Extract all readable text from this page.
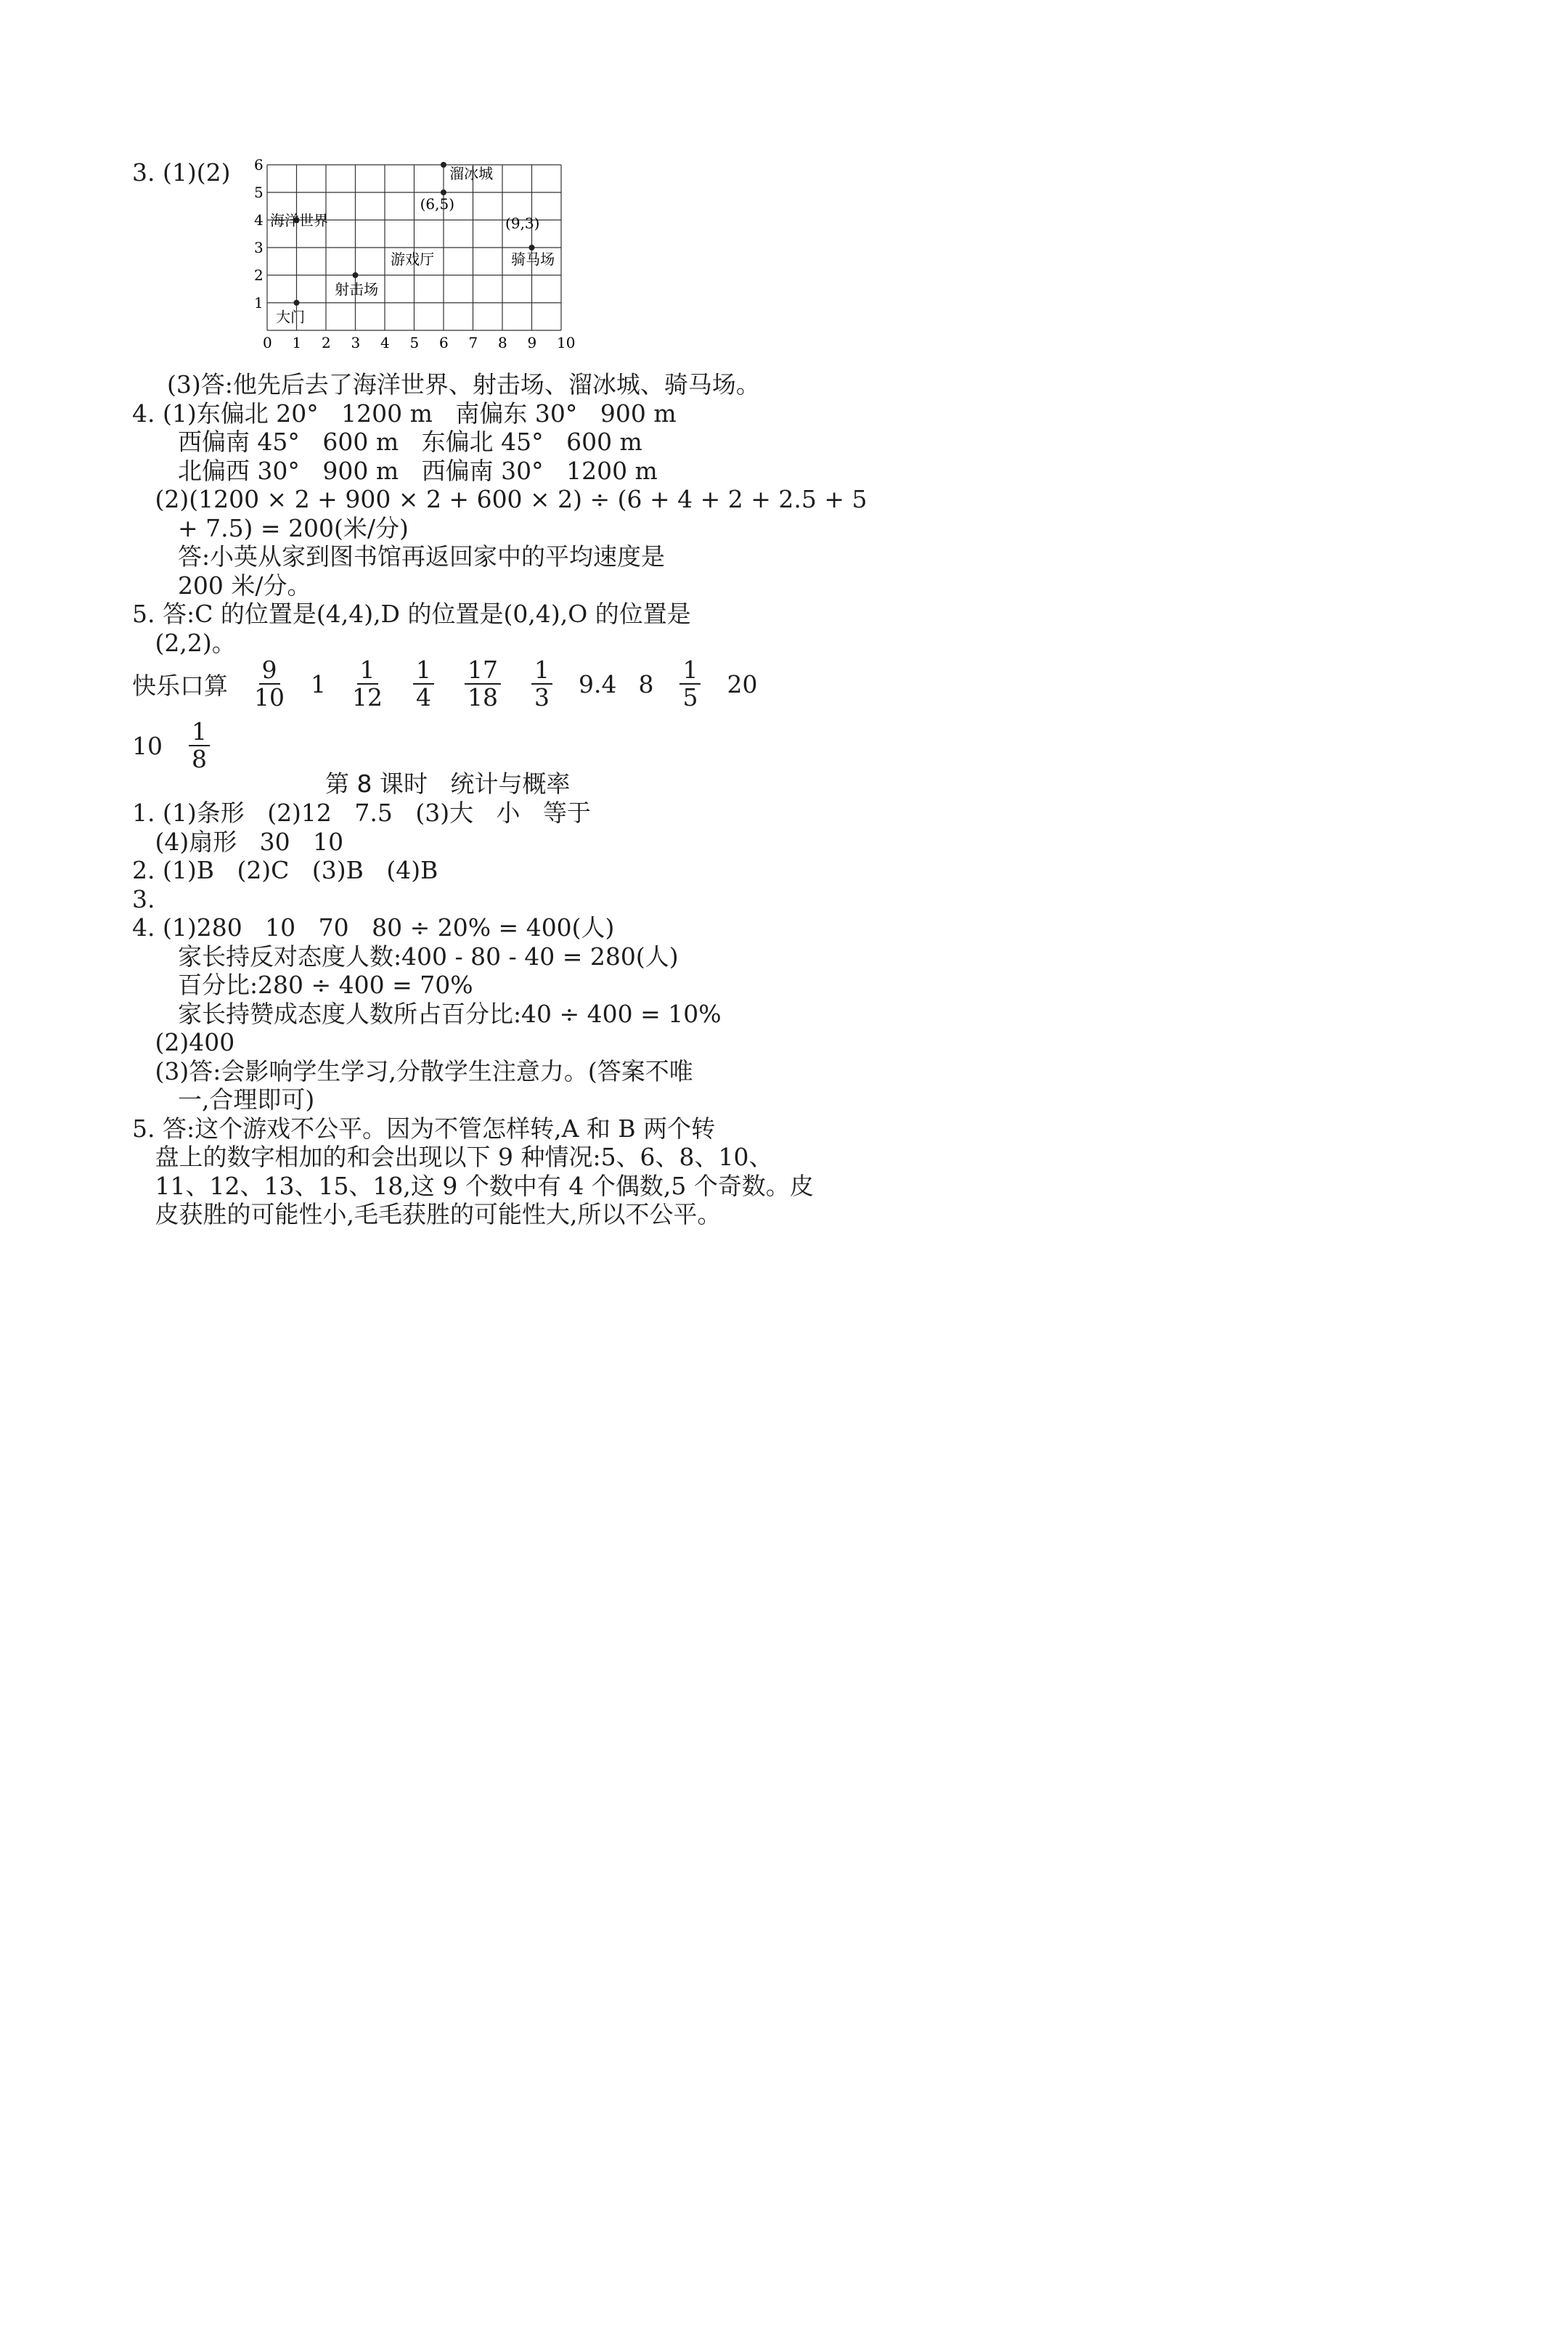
3. (1)(2) 6
5
4
3
2
1
0 1 2 3 4 5 6 7 8 9 10
溜冰城
(6,5)
海洋世界	(9,3)
游戏厅	骑马场
射击场
大门
(3)答:他先后去了海洋世界、射击场、溜冰城、骑马场。
4. (1)东偏北 20°   1200 m   南偏东 30°   900 m
西偏南 45°   600 m   东偏北 45°   600 m
北偏西 30°   900 m   西偏南 30°   1200 m
(2)(1200 × 2 + 900 × 2 + 600 × 2) ÷ (6 + 4 + 2 + 2.5 + 5
+ 7.5) = 200(米/分)
答:小英从家到图书馆再返回家中的平均速度是
200 米/分。
5. 答:C 的位置是(4,4),D 的位置是(0,4),O 的位置是
(2,2)。
快乐口算 $\frac{9}{10} 1 \frac{1}{12} \frac{1}{4} \frac{17}{18} \frac{1}{3} 9.4$ $8 \frac{1}{5} 20$
$10 \frac{1}{8}$
第 8 课时   统计与概率
1. (1)条形   (2)12   7.5   (3)大   小   等于
(4)扇形   30   10
2. (1)B   (2)C   (3)B   (4)B
3.
4. (1)280   10   70   80 ÷ 20% = 400(人)
家长持反对态度人数:400 - 80 - 40 = 280(人)
百分比:280 ÷ 400 = 70%
家长持赞成态度人数所占百分比:40 ÷ 400 = 10%
(2)400
(3)答:会影响学生学习,分散学生注意力。(答案不唯
一,合理即可)
5. 答:这个游戏不公平。因为不管怎样转,A 和 B 两个转
盘上的数字相加的和会出现以下 9 种情况:5、6、8、10、
11、12、13、15、18,这 9 个数中有 4 个偶数,5 个奇数。皮
皮获胜的可能性小,毛毛获胜的可能性大,所以不公平。
